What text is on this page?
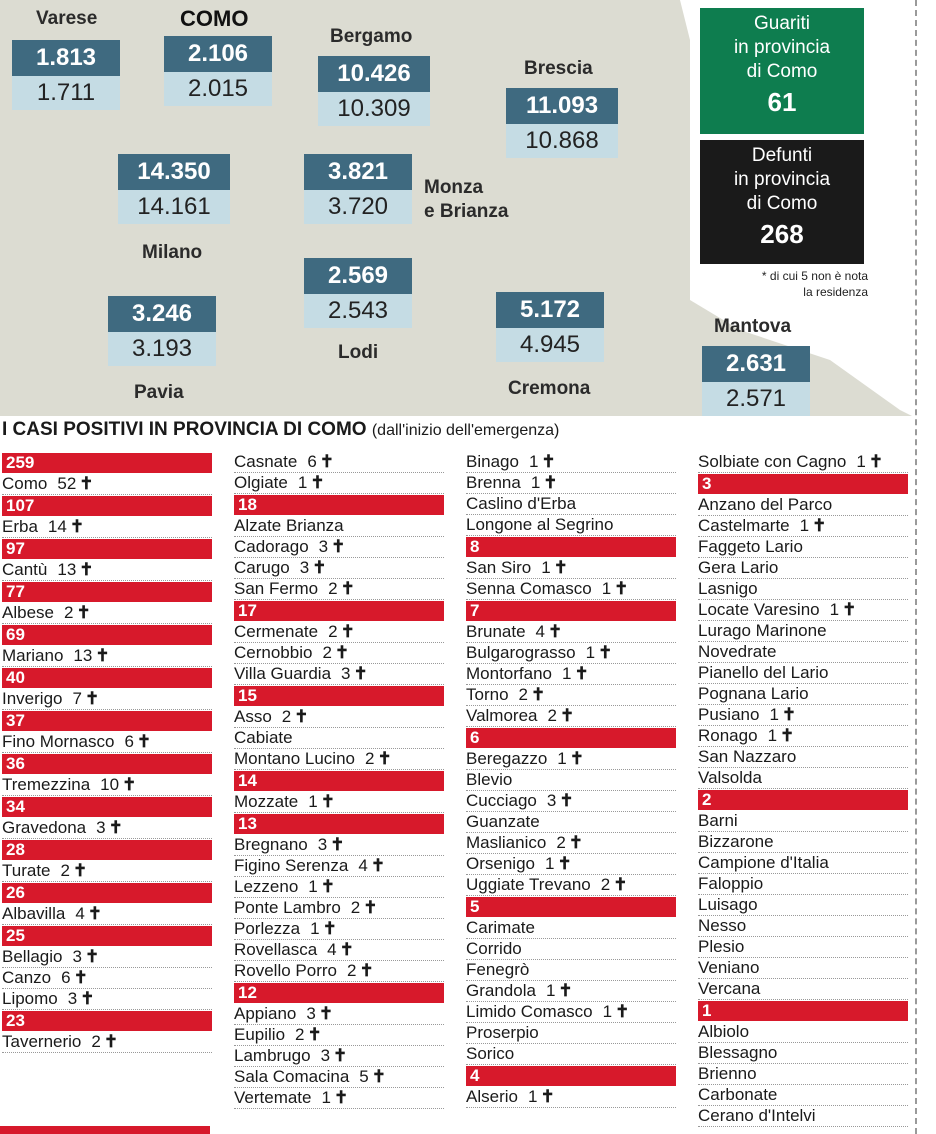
Varese
1.813
1.711
COMO
2.106
2.015
Bergamo
10.426
10.309
Brescia
11.093
10.868
14.350
14.161
Milano
3.821
3.720
Monza
e Brianza
2.569
2.543
Lodi
3.246
3.193
Pavia
5.172
4.945
Cremona
Mantova
2.631
2.571
Guariti
in provincia
di Como
61
Defunti
in provincia
di Como
268
* di cui 5 non è nota
la residenza
I CASI POSITIVI IN PROVINCIA DI COMO (dall'inizio dell'emergenza)
259
Como 52 ✝
107
Erba 14 ✝
97
Cantù 13 ✝
77
Albese 2 ✝
69
Mariano 13 ✝
40
Inverigo 7 ✝
37
Fino Mornasco 6 ✝
36
Tremezzina 10 ✝
34
Gravedona 3 ✝
28
Turate 2 ✝
26
Albavilla 4 ✝
25
Bellagio 3 ✝
Canzo 6 ✝
Lipomo 3 ✝
23
Tavernerio 2 ✝
Casnate 6 ✝
Olgiate 1 ✝
18
Alzate Brianza
Cadorago 3 ✝
Carugo 3 ✝
San Fermo 2 ✝
17
Cermenate 2 ✝
Cernobbio 2 ✝
Villa Guardia 3 ✝
15
Asso 2 ✝
Cabiate
Montano Lucino 2 ✝
14
Mozzate 1 ✝
13
Bregnano 3 ✝
Figino Serenza 4 ✝
Lezzeno 1 ✝
Ponte Lambro 2 ✝
Porlezza 1 ✝
Rovellasca 4 ✝
Rovello Porro 2 ✝
12
Appiano 3 ✝
Eupilio 2 ✝
Lambrugo 3 ✝
Sala Comacina 5 ✝
Vertemate 1 ✝
Binago 1 ✝
Brenna 1 ✝
Caslino d'Erba
Longone al Segrino
8
San Siro 1 ✝
Senna Comasco 1 ✝
7
Brunate 4 ✝
Bulgarograsso 1 ✝
Montorfano 1 ✝
Torno 2 ✝
Valmorea 2 ✝
6
Beregazzo 1 ✝
Blevio
Cucciago 3 ✝
Guanzate
Maslianico 2 ✝
Orsenigo 1 ✝
Uggiate Trevano 2 ✝
5
Carimate
Corrido
Fenegrò
Grandola 1 ✝
Limido Comasco 1 ✝
Proserpio
Sorico
4
Alserio 1 ✝
Solbiate con Cagno 1 ✝
3
Anzano del Parco
Castelmarte 1 ✝
Faggeto Lario
Gera Lario
Lasnigo
Locate Varesino 1 ✝
Lurago Marinone
Novedrate
Pianello del Lario
Pognana Lario
Pusiano 1 ✝
Ronago 1 ✝
San Nazzaro
Valsolda
2
Barni
Bizzarone
Campione d'Italia
Faloppio
Luisago
Nesso
Plesio
Veniano
Vercana
1
Albiolo
Blessagno
Brienno
Carbonate
Cerano d'Intelvi
